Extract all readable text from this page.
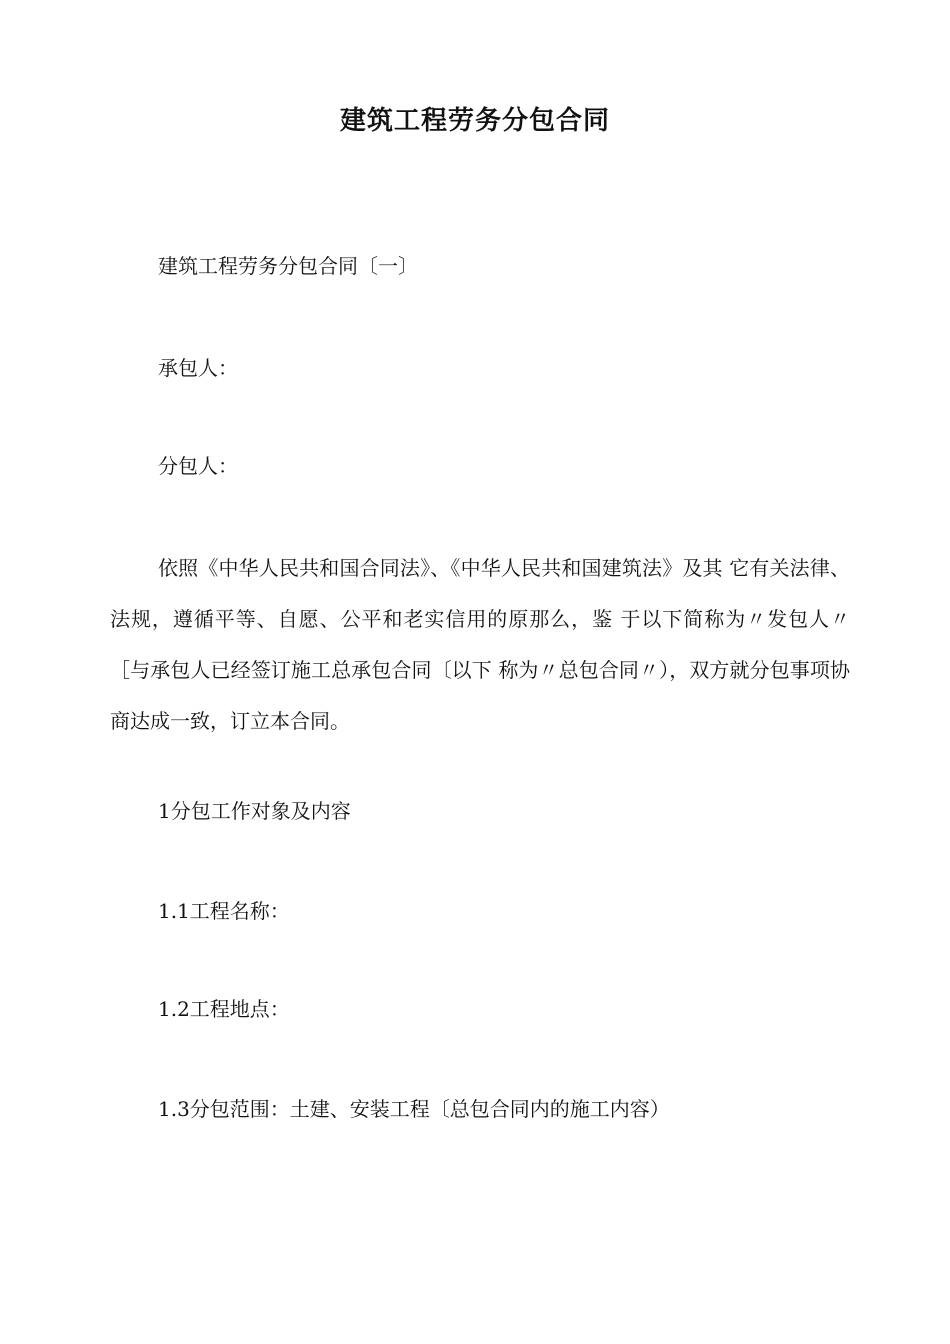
建筑工程劳务分包合同
建筑工程劳务分包合同〔一〕
承包人：
分包人：
依照《中华人民共和国合同法》、《中华人民共和国建筑法》及其 它有关法律、法规，遵循平等、自愿、公平和老实信用的原那么，鉴 于以下简称为〃发包人〃［与承包人已经签订施工总承包合同〔以下 称为〃总包合同〃），双方就分包事项协商达成一致，订立本合同。
1分包工作对象及内容
1.1工程名称：
1.2工程地点：
1.3分包范围：土建、安装工程〔总包合同内的施工内容）
